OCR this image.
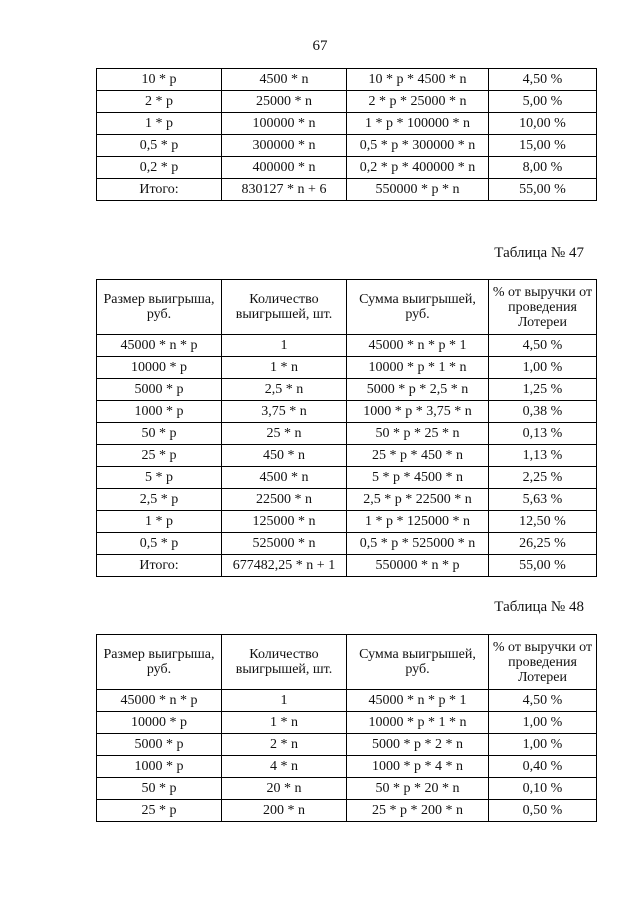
67
10 * р	4500 * n	10 * р * 4500 * n	4,50 %
2 * р	25000 * n	2 * р * 25000 * n	5,00 %
1 * р	100000 * n	1 * р * 100000 * n	10,00 %
0,5 * р	300000 * n	0,5 * р * 300000 * n	15,00 %
0,2 * р	400000 * n	0,2 * р * 400000 * n	8,00 %
Итого:	830127 * n + 6	550000 * р * n	55,00 %
Таблица № 47
Размер выигрыша, руб.	Количество выигрышей, шт.	Сумма выигрышей, руб.	% от выручки от проведения Лотереи
45000 * n * р	1	45000 * n * р * 1	4,50 %
10000 * р	1 * n	10000 * р * 1 * n	1,00 %
5000 * р	2,5 * n	5000 * р * 2,5 * n	1,25 %
1000 * р	3,75 * n	1000 * р * 3,75 * n	0,38 %
50 * р	25 * n	50 * р * 25 * n	0,13 %
25 * р	450 * n	25 * р * 450 * n	1,13 %
5 * р	4500 * n	5 * р * 4500 * n	2,25 %
2,5 * р	22500 * n	2,5 * р * 22500 * n	5,63 %
1 * р	125000 * n	1 * р * 125000 * n	12,50 %
0,5 * р	525000 * n	0,5 * р * 525000 * n	26,25 %
Итого:	677482,25 * n + 1	550000 * n * р	55,00 %
Таблица № 48
Размер выигрыша, руб.	Количество выигрышей, шт.	Сумма выигрышей, руб.	% от выручки от проведения Лотереи
45000 * n * р	1	45000 * n * р * 1	4,50 %
10000 * р	1 * n	10000 * р * 1 * n	1,00 %
5000 * р	2 * n	5000 * р * 2 * n	1,00 %
1000 * р	4 * n	1000 * р * 4 * n	0,40 %
50 * р	20 * n	50 * р * 20 * n	0,10 %
25 * р	200 * n	25 * р * 200 * n	0,50 %
